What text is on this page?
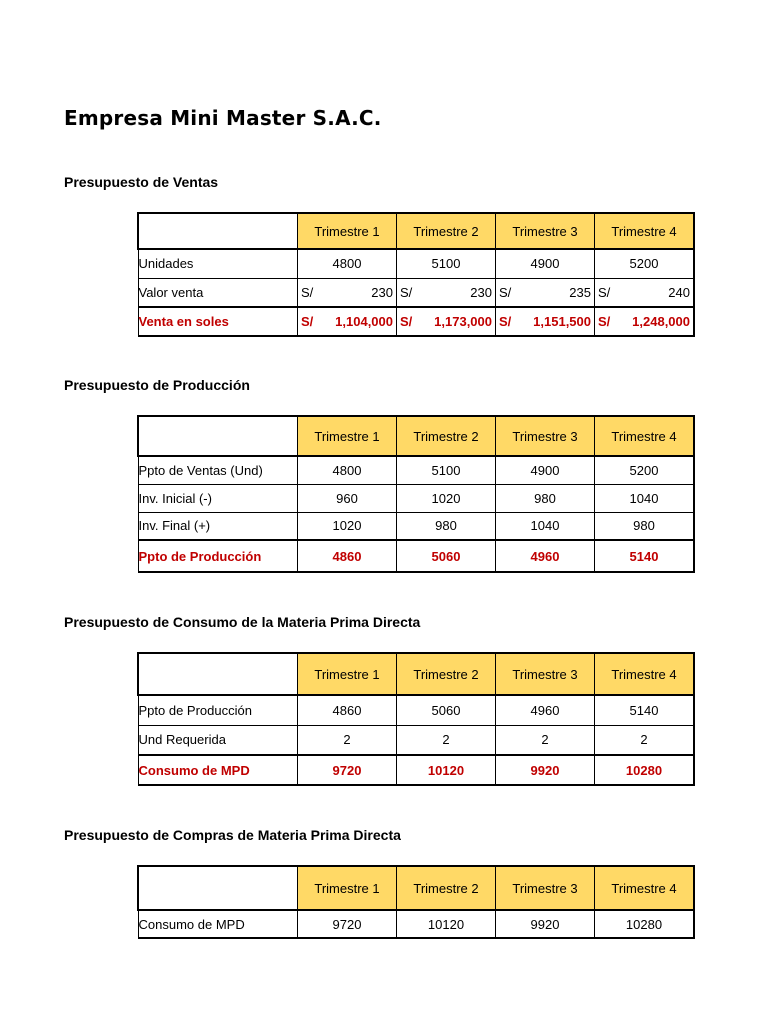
Empresa Mini Master S.A.C.
Presupuesto de Ventas
	Trimestre 1	Trimestre 2	Trimestre 3	Trimestre 4
Unidades	4800	5100	4900	5200
Valor venta	S/ 230	S/ 230	S/ 235	S/ 240

Venta en soles	S/ 1,104,000	S/ 1,173,000	S/ 1,151,500	S/ 1,248,000
Presupuesto de Producción
	Trimestre 1	Trimestre 2	Trimestre 3	Trimestre 4
Ppto de Ventas (Und)	4800	5100	4900	5200
Inv. Inicial (-)	960	1020	980	1040
Inv. Final (+)	1020	980	1040	980
Ppto de Producción	4860	5060	4960	5140
Presupuesto de Consumo de la Materia Prima Directa
	Trimestre 1	Trimestre 2	Trimestre 3	Trimestre 4
Ppto de Producción	4860	5060	4960	5140
Und Requerida	2	2	2	2
Consumo de MPD	9720	10120	9920	10280
Presupuesto de Compras de Materia Prima Directa
	Trimestre 1	Trimestre 2	Trimestre 3	Trimestre 4
Consumo de MPD	9720	10120	9920	10280
